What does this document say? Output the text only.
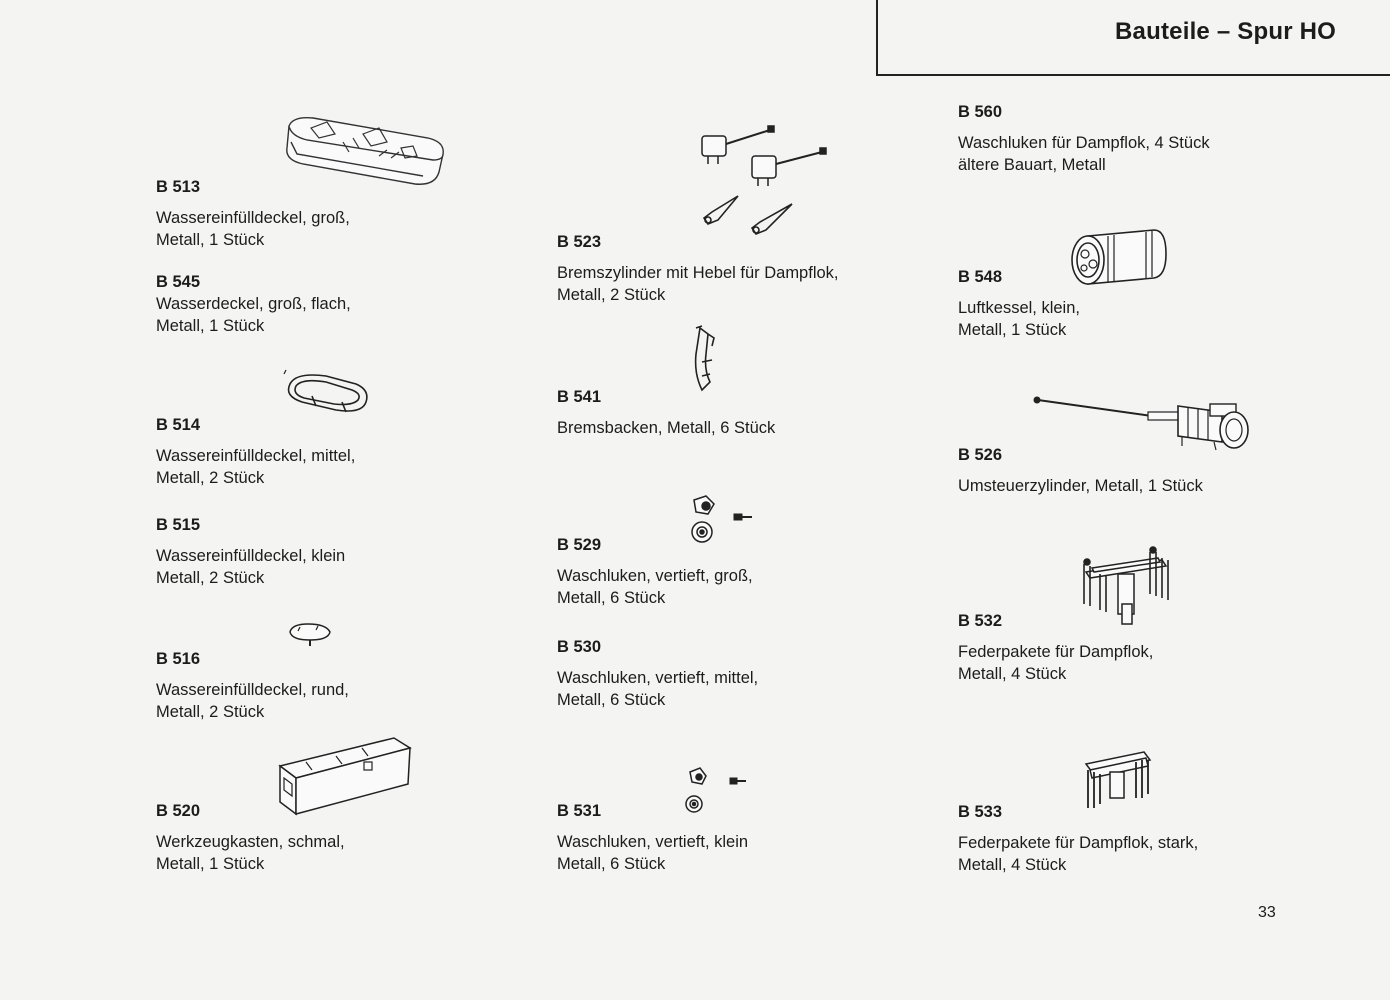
Bauteile – Spur HO
B 513
Wassereinfülldeckel, groß,
Metall, 1 Stück
B 545
Wasserdeckel, groß, flach,
Metall, 1 Stück
B 514
Wassereinfülldeckel, mittel,
Metall, 2 Stück
B 515
Wassereinfülldeckel, klein
Metall, 2 Stück
B 516
Wassereinfülldeckel, rund,
Metall, 2 Stück
B 520
Werkzeugkasten, schmal,
Metall, 1 Stück
B 523
Bremszylinder mit Hebel für Dampflok,
Metall, 2 Stück
B 541
Bremsbacken, Metall, 6 Stück
B 529
Waschluken, vertieft, groß,
Metall, 6 Stück
B 530
Waschluken, vertieft, mittel,
Metall, 6 Stück
B 531
Waschluken, vertieft, klein
Metall, 6 Stück
B 560
Waschluken für Dampflok, 4 Stück
ältere Bauart, Metall
B 548
Luftkessel, klein,
Metall, 1 Stück
B 526
Umsteuerzylinder, Metall, 1 Stück
B 532
Federpakete für Dampflok,
Metall, 4 Stück
B 533
Federpakete für Dampflok, stark,
Metall, 4 Stück
33
